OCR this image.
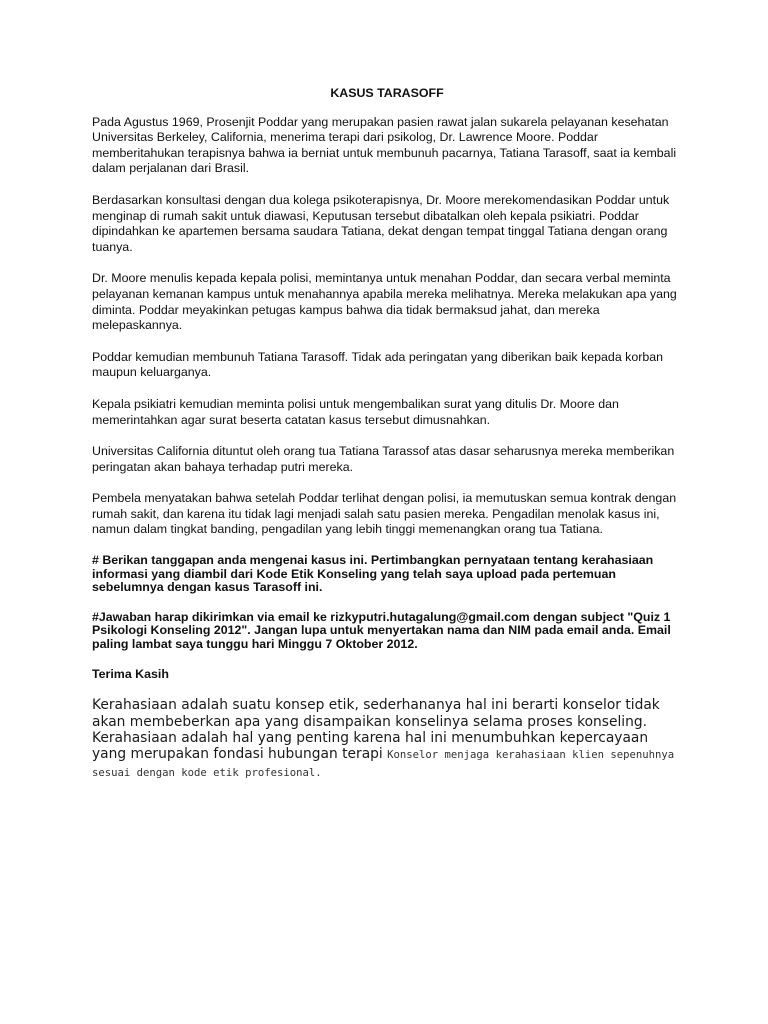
KASUS TARASOFF

Pada Agustus 1969, Prosenjit Poddar yang merupakan pasien rawat jalan sukarela pelayanan kesehatan Universitas Berkeley, California, menerima terapi dari psikolog, Dr. Lawrence Moore. Poddar memberitahukan terapisnya bahwa ia berniat untuk membunuh pacarnya, Tatiana Tarasoff, saat ia kembali dalam perjalanan dari Brasil.

Berdasarkan konsultasi dengan dua kolega psikoterapisnya, Dr. Moore merekomendasikan Poddar untuk menginap di rumah sakit untuk diawasi, Keputusan tersebut dibatalkan oleh kepala psikiatri. Poddar dipindahkan ke apartemen bersama saudara Tatiana, dekat dengan tempat tinggal Tatiana dengan orang tuanya.

Dr. Moore menulis kepada kepala polisi, memintanya untuk menahan Poddar, dan secara verbal meminta pelayanan kemanan kampus untuk menahannya apabila mereka melihatnya. Mereka melakukan apa yang diminta. Poddar meyakinkan petugas kampus bahwa dia tidak bermaksud jahat, dan mereka melepaskannya.

Poddar kemudian membunuh Tatiana Tarasoff. Tidak ada peringatan yang diberikan baik kepada korban maupun keluarganya.

Kepala psikiatri kemudian meminta polisi untuk mengembalikan surat yang ditulis Dr. Moore dan memerintahkan agar surat beserta catatan kasus tersebut dimusnahkan.

Universitas California dituntut oleh orang tua Tatiana Tarassof atas dasar seharusnya mereka memberikan peringatan akan bahaya terhadap putri mereka.

Pembela menyatakan bahwa setelah Poddar terlihat dengan polisi, ia memutuskan semua kontrak dengan rumah sakit, dan karena itu tidak lagi menjadi salah satu pasien mereka. Pengadilan menolak kasus ini, namun dalam tingkat banding, pengadilan yang lebih tinggi memenangkan orang tua Tatiana.

# Berikan tanggapan anda mengenai kasus ini. Pertimbangkan pernyataan tentang kerahasiaan informasi yang diambil dari Kode Etik Konseling yang telah saya upload pada pertemuan sebelumnya dengan kasus Tarasoff ini.

#Jawaban harap dikirimkan via email ke rizkyputri.hutagalung@gmail.com dengan subject "Quiz 1 Psikologi Konseling 2012". Jangan lupa untuk menyertakan nama dan NIM pada email anda. Email paling lambat saya tunggu hari Minggu 7 Oktober 2012.

Terima Kasih

Kerahasiaan adalah suatu konsep etik, sederhananya hal ini berarti konselor tidak akan membeberkan apa yang disampaikan konselinya selama proses konseling. Kerahasiaan adalah hal yang penting karena hal ini menumbuhkan kepercayaan yang merupakan fondasi hubungan terapi Konselor menjaga kerahasiaan klien sepenuhnya sesuai dengan kode etik profesional.
